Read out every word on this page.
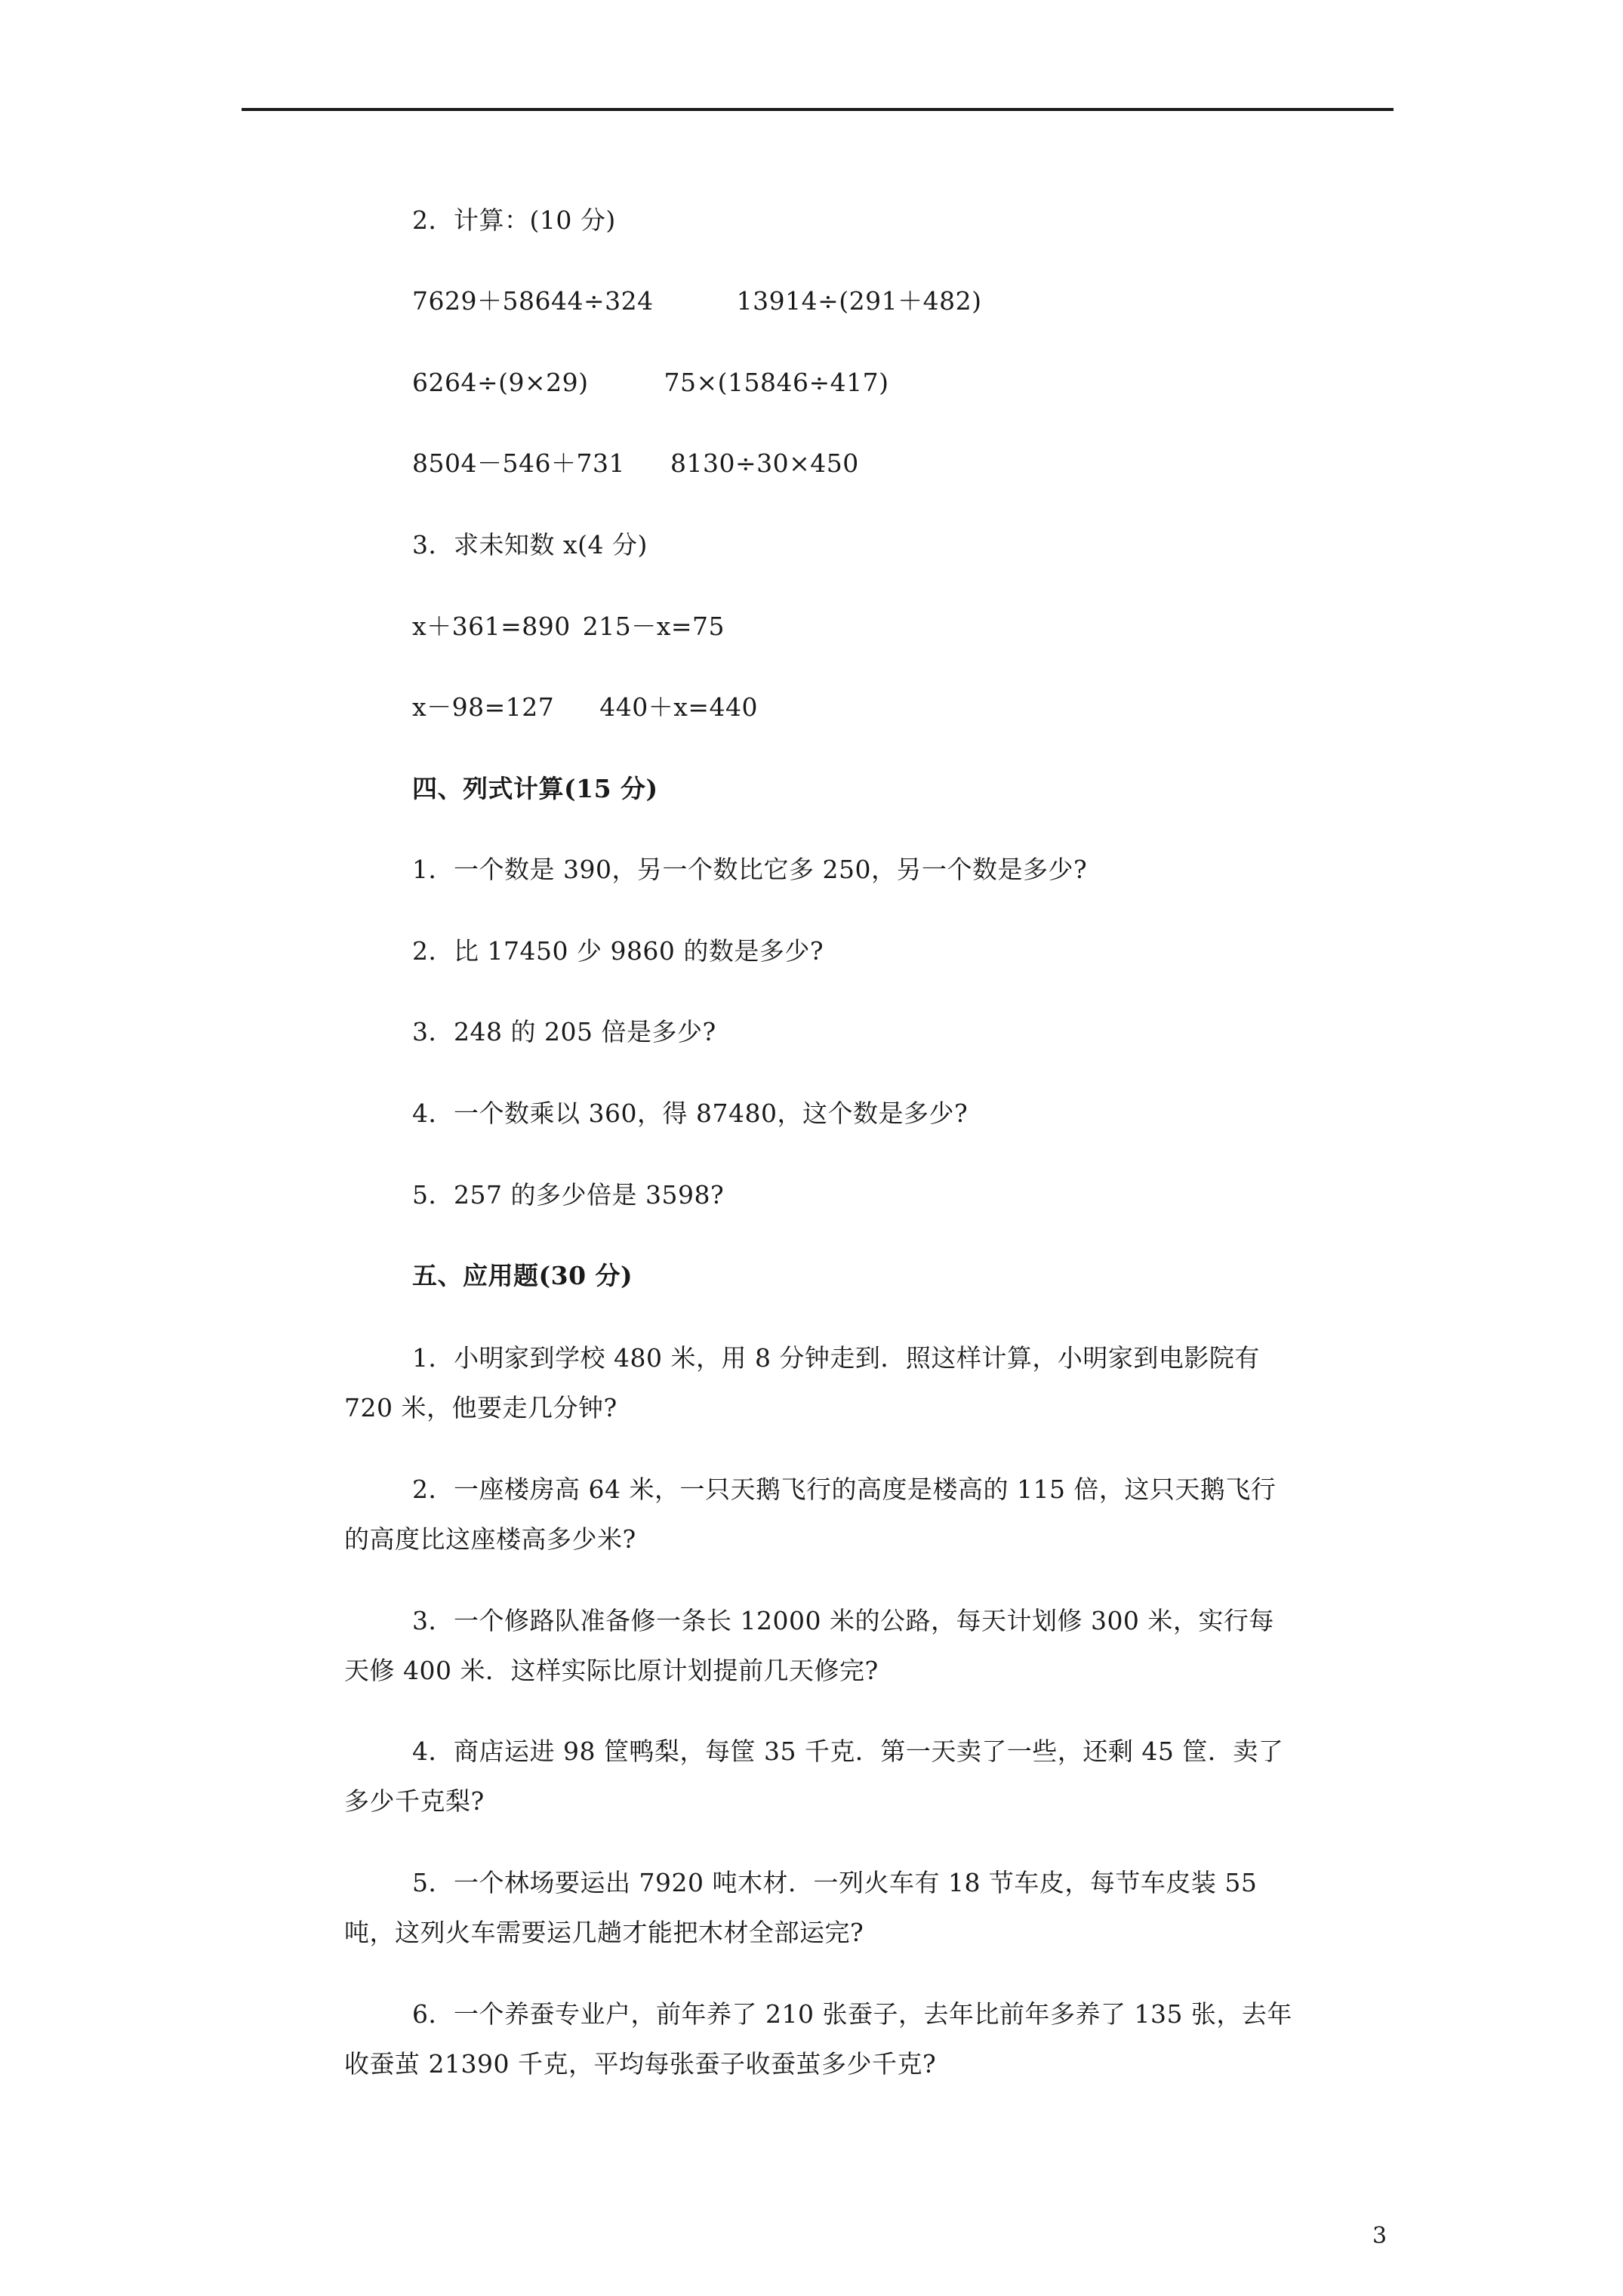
2．计算：(10 分)
7629＋58644÷324	13914÷(291＋482)
6264÷(9×29)	75×(15846÷417)
8504－546＋731 8130÷30×450
3．求未知数 x(4 分)
x＋361=890 215－x=75
x－98=127 440＋x=440
四、列式计算(15 分)
1．一个数是 390，另一个数比它多 250，另一个数是多少?
2．比 17450 少 9860 的数是多少?
3．248 的 205 倍是多少?
4．一个数乘以 360，得 87480，这个数是多少?
5．257 的多少倍是 3598?
五、应用题(30 分)
1．小明家到学校 480 米，用 8 分钟走到．照这样计算，小明家到电影院有 720 米，他要走几分钟?
2．一座楼房高 64 米，一只天鹅飞行的高度是楼高的 115 倍，这只天鹅飞行的高度比这座楼高多少米?
3．一个修路队准备修一条长 12000 米的公路，每天计划修 300 米，实行每天修 400 米．这样实际比原计划提前几天修完?
4．商店运进 98 筐鸭梨，每筐 35 千克．第一天卖了一些，还剩 45 筐．卖了多少千克梨?
5．一个林场要运出 7920 吨木材．一列火车有 18 节车皮，每节车皮装 55 吨，这列火车需要运几趟才能把木材全部运完?
6．一个养蚕专业户，前年养了 210 张蚕子，去年比前年多养了 135 张，去年收蚕茧 21390 千克，平均每张蚕子收蚕茧多少千克?
3
